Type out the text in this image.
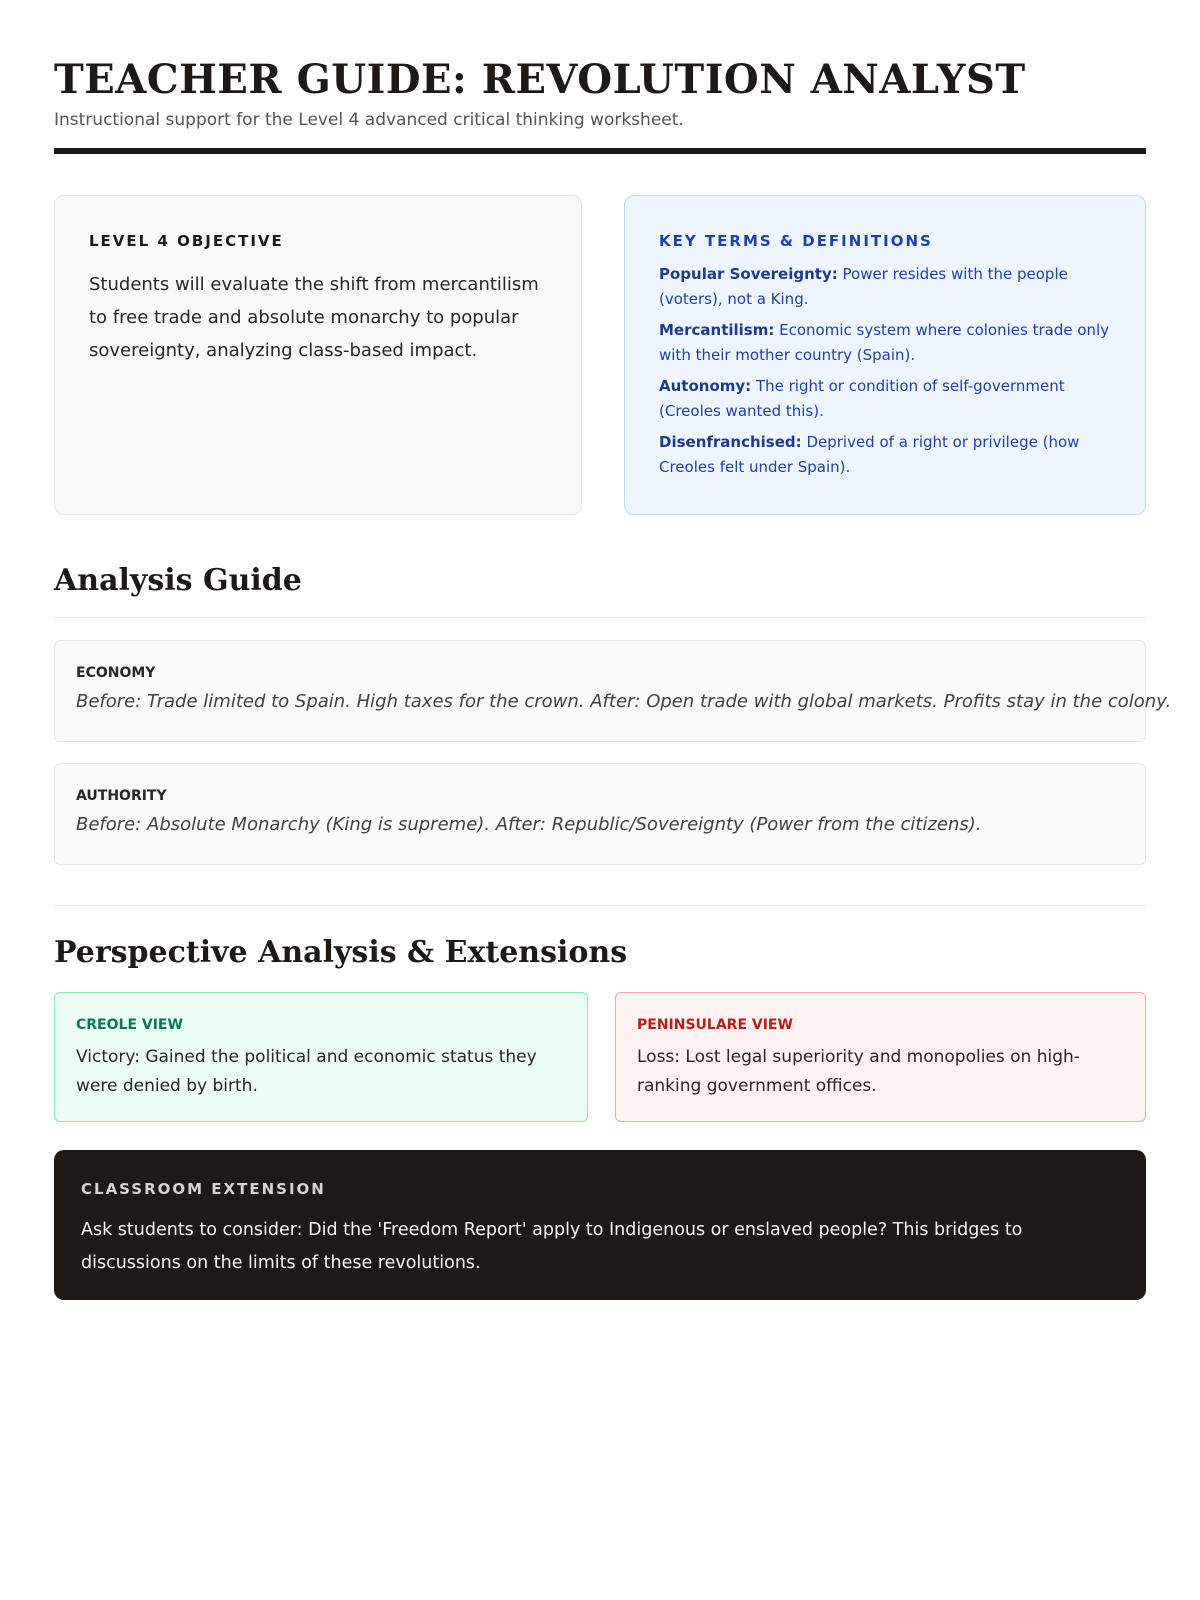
TEACHER GUIDE: REVOLUTION ANALYST

Instructional support for the Level 4 advanced critical thinking worksheet.

LEVEL 4 OBJECTIVE

Students will evaluate the shift from mercantilism to free trade and absolute monarchy to popular sovereignty, analyzing class-based impact.

KEY TERMS & DEFINITIONS

Popular Sovereignty: Power resides with the people (voters), not a King.

Mercantilism: Economic system where colonies trade only with their mother country (Spain).

Autonomy: The right or condition of self-government (Creoles wanted this).

Disenfranchised: Deprived of a right or privilege (how Creoles felt under Spain).

Analysis Guide
ECONOMY

Before: Trade limited to Spain. High taxes for the crown. After: Open trade with global markets. Profits stay in the colony.

AUTHORITY

Before: Absolute Monarchy (King is supreme). After: Republic/Sovereignty (Power from the citizens).

Perspective Analysis & Extensions
CREOLE VIEW

Victory: Gained the political and economic status they were denied by birth.

PENINSULARE VIEW

Loss: Lost legal superiority and monopolies on high-ranking government offices.

CLASSROOM EXTENSION

Ask students to consider: Did the 'Freedom Report' apply to Indigenous or enslaved people? This bridges to discussions on the limits of these revolutions.
